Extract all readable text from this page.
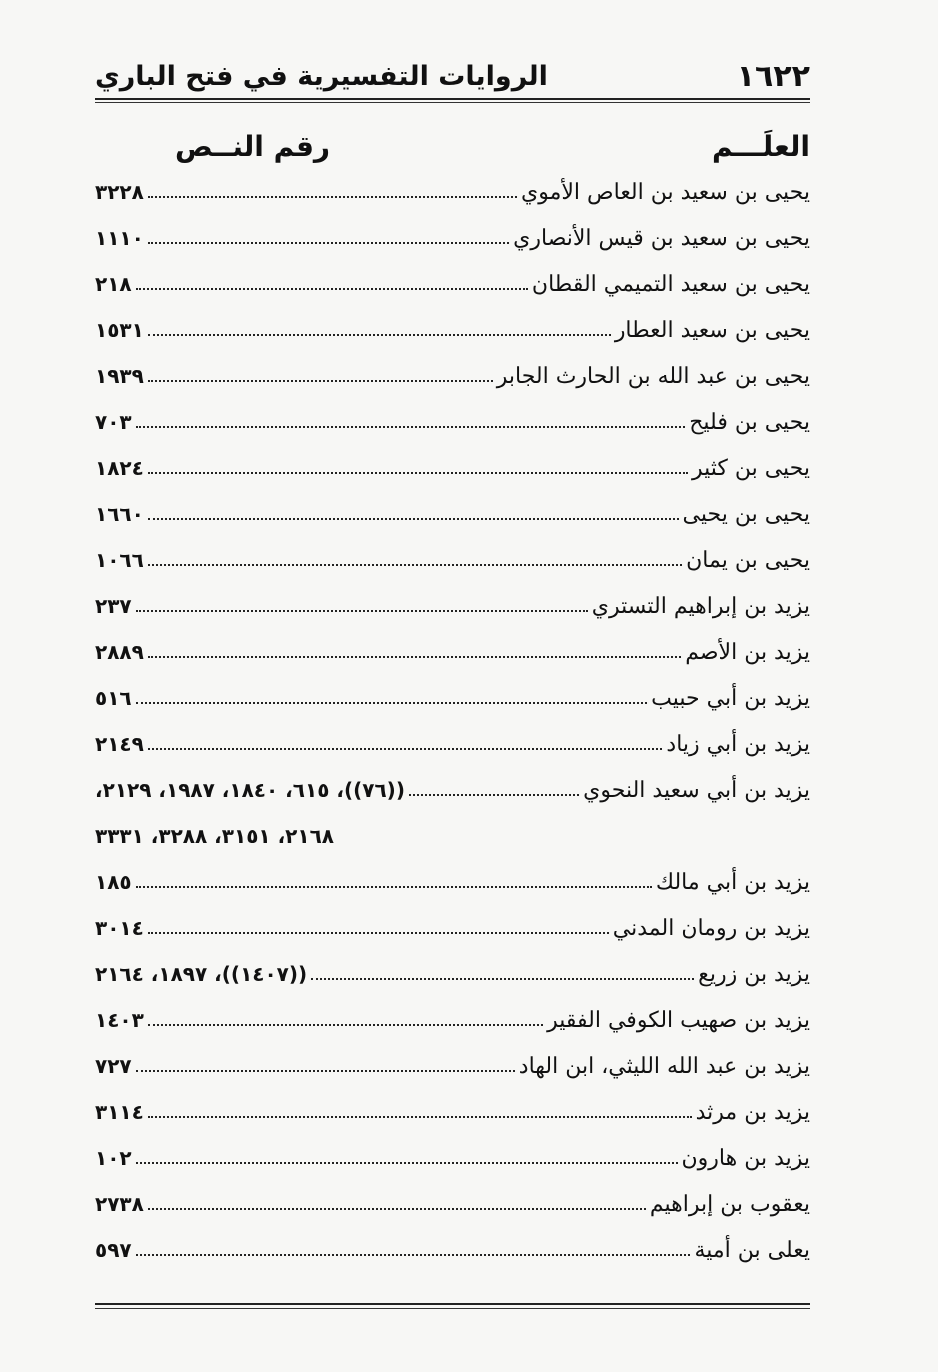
١٦٢٢
الروايات التفسيرية في فتح الباري
العلَـــم
رقم النــص
يحيى بن سعيد بن العاص الأموي
٣٢٢٨
يحيى بن سعيد بن قيس الأنصاري
١١١٠
يحيى بن سعيد التميمي القطان
٢١٨
يحيى بن سعيد العطار
١٥٣١
يحيى بن عبد الله بن الحارث الجابر
١٩٣٩
يحيى بن فليح
٧٠٣
يحيى بن كثير
١٨٢٤
يحيى بن يحيى
١٦٦٠
يحيى بن يمان
١٠٦٦
يزيد بن إبراهيم التستري
٢٣٧
يزيد بن الأصم
٢٨٨٩
يزيد بن أبي حبيب
٥١٦
يزيد بن أبي زياد
٢١٤٩
يزيد بن أبي سعيد النحوي
((٧٦))، ٦١٥، ١٨٤٠، ١٩٨٧، ٢١٢٩،
٢١٦٨، ٣١٥١، ٣٢٨٨، ٣٣٣١
يزيد بن أبي مالك
١٨٥
يزيد بن رومان المدني
٣٠١٤
يزيد بن زريع
((١٤٠٧))، ١٨٩٧، ٢١٦٤
يزيد بن صهيب الكوفي الفقير
١٤٠٣
يزيد بن عبد الله الليثي، ابن الهاد
٧٢٧
يزيد بن مرثد
٣١١٤
يزيد بن هارون
١٠٢
يعقوب بن إبراهيم
٢٧٣٨
يعلى بن أمية
٥٩٧
